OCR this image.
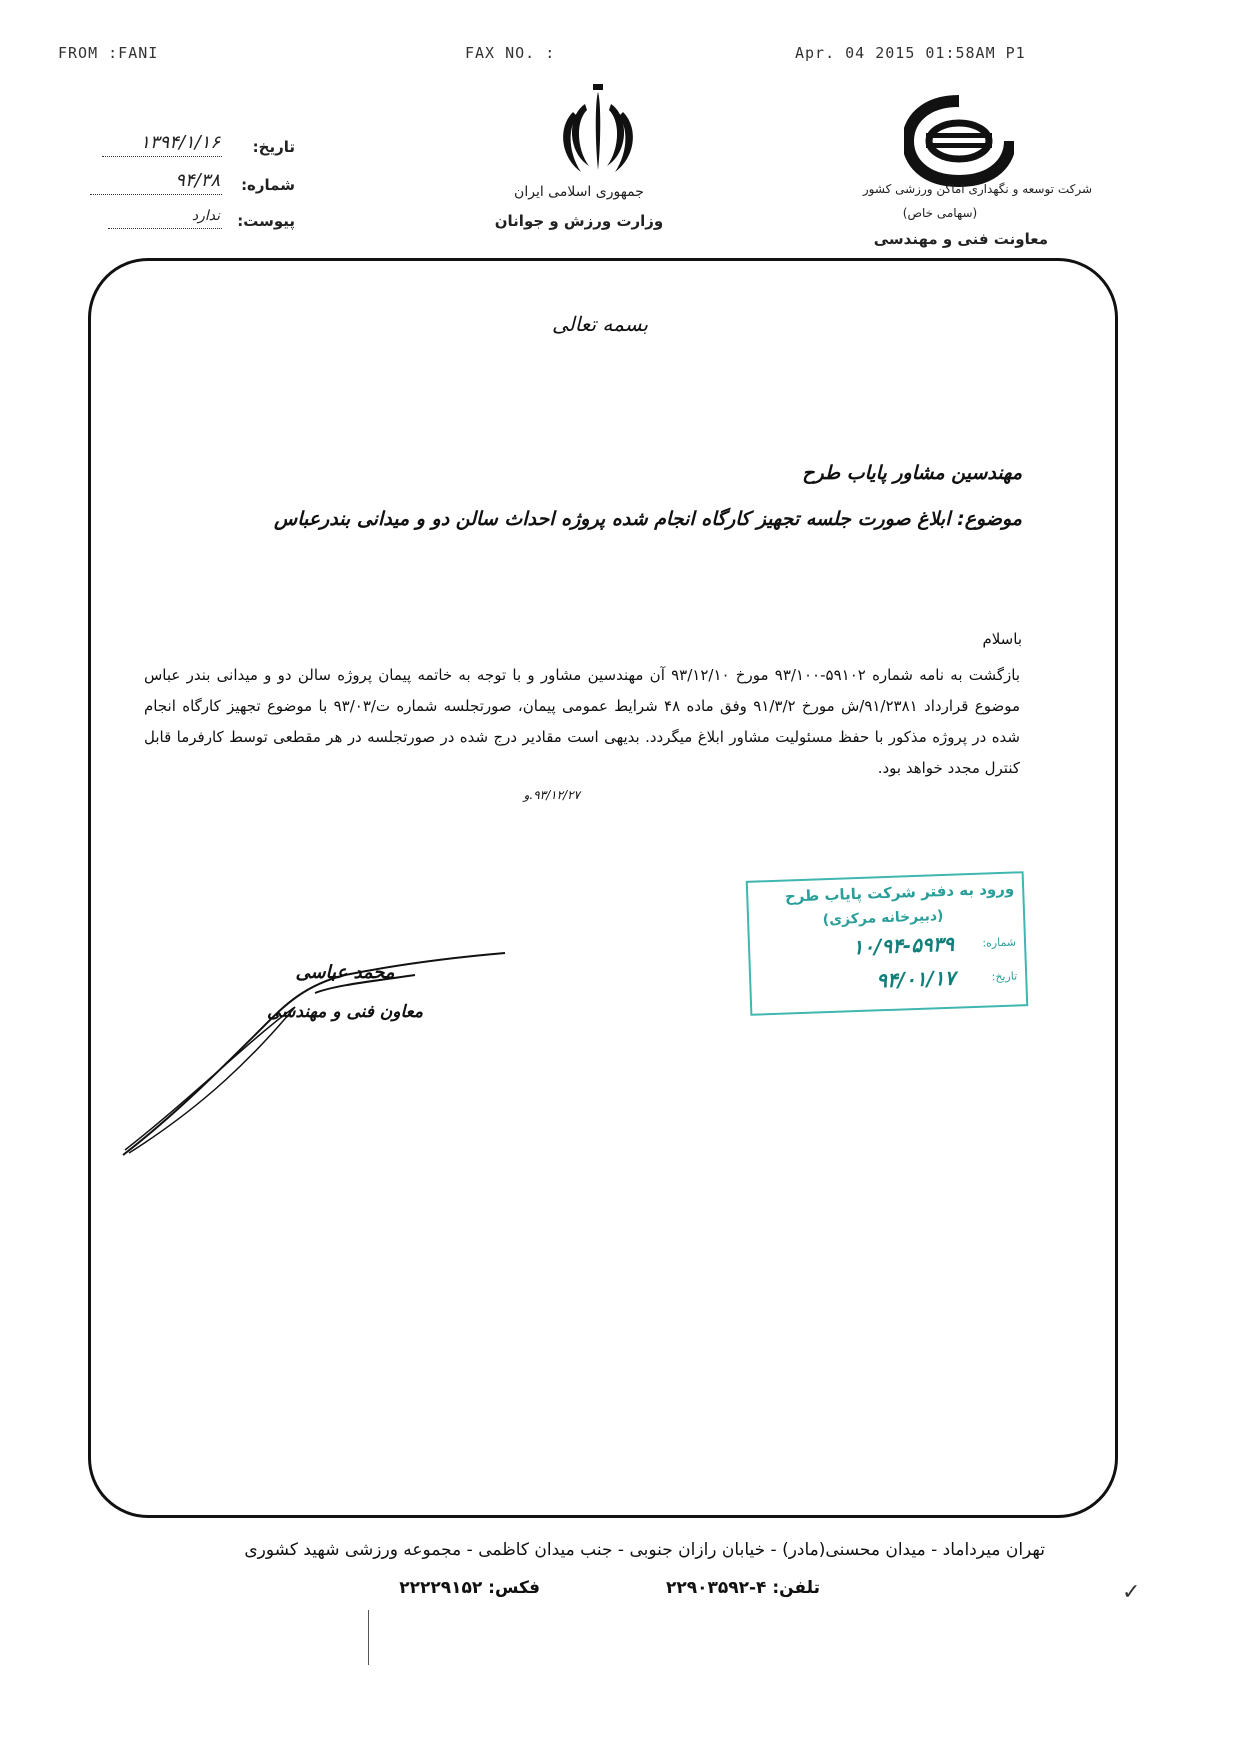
FROM :FANI	FAX NO. :	Apr. 04 2015 01:58AM P1
تاریخ:
۱۳۹۴/۱/۱۶
شماره:
۹۴/۳۸
پیوست:
ندارد
جمهوری اسلامی ایران
وزارت ورزش و جوانان
شرکت توسعه و نگهداری اماکن ورزشی کشور
(سهامی خاص)
معاونت فنی و مهندسی
بسمه تعالی
مهندسین مشاور پایاب طرح
موضوع: ابلاغ صورت جلسه تجهیز کارگاه انجام شده پروژه احداث سالن دو و میدانی بندرعباس
باسلام
بازگشت به نامه شماره ۵۹۱۰۲-۹۳/۱۰۰ مورخ ۹۳/۱۲/۱۰ آن مهندسین مشاور و با توجه به خاتمه پیمان پروژه سالن دو و میدانی بندر عباس موضوع قرارداد ۹۱/۲۳۸۱/ش مورخ ۹۱/۳/۲ وفق ماده ۴۸ شرایط عمومی پیمان، صورتجلسه شماره ت/۹۳/۰۳ با موضوع تجهیز کارگاه انجام شده در پروژه مذکور با حفظ مسئولیت مشاور ابلاغ میگردد. بدیهی است مقادیر درج شده در صورتجلسه در هر مقطعی توسط کارفرما قابل کنترل مجدد خواهد بود.
۹۳/۱۲/۲۷.و
ورود به دفتر شرکت پایاب طرح
(دبیرخانه مرکزی)
شماره:
۱۰/۹۴-۵۹۳۹
تاریخ:
۹۴/۰۱/۱۷
محمد عباسی
معاون فنی و مهندسی
تهران میرداماد - میدان محسنی(مادر) - خیابان رازان جنوبی - جنب میدان کاظمی - مجموعه ورزشی شهید کشوری
تلفن: ۴-۲۲۹۰۳۵۹۲
فکس: ۲۲۲۲۹۱۵۲	✓
